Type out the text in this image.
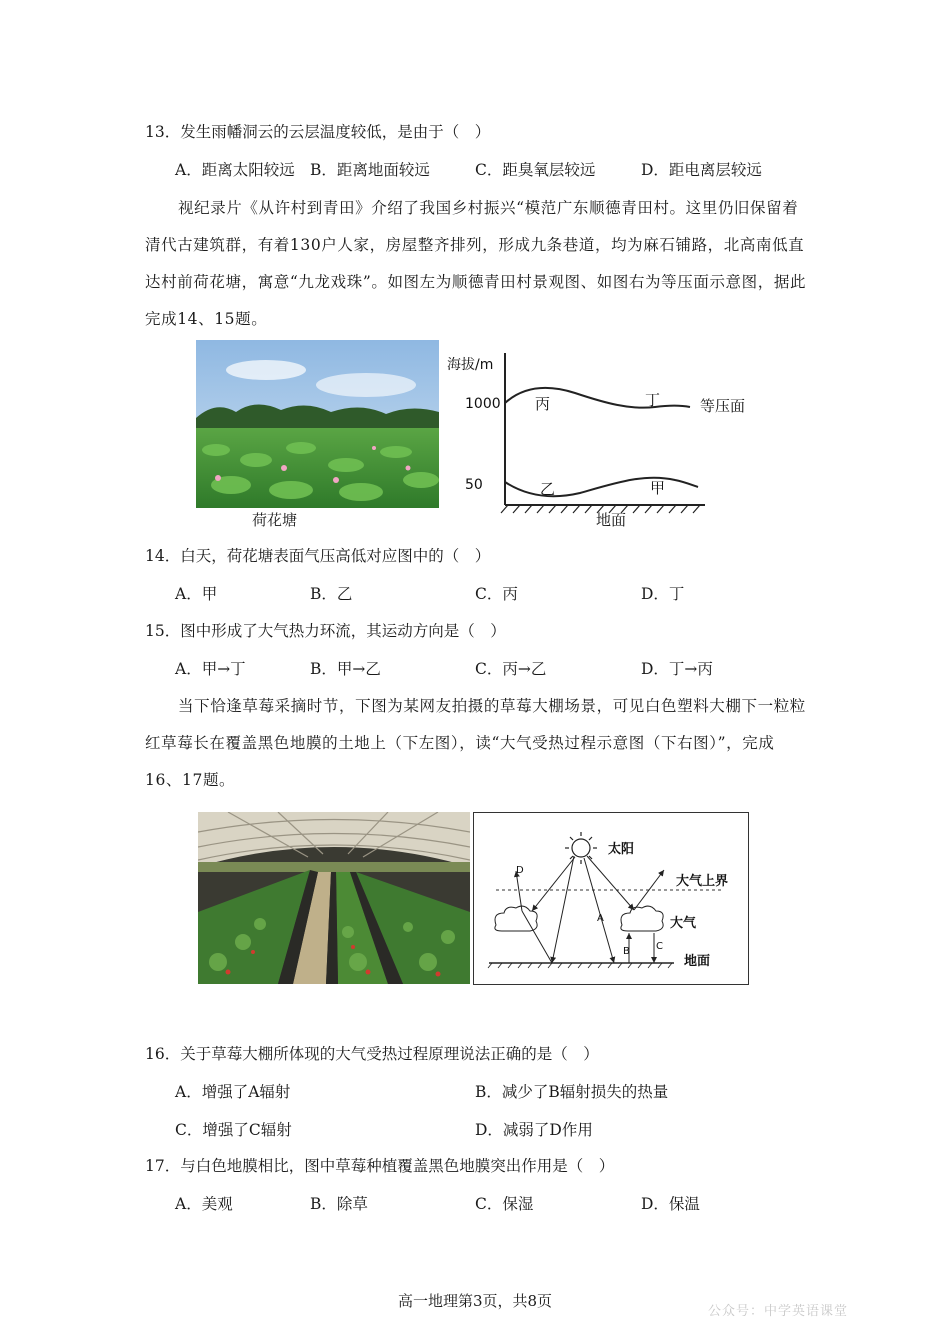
13．发生雨幡洞云的云层温度较低，是由于（　）
A．距离太阳较远 B．距离地面较远	C．距臭氧层较远	D．距电离层较远
视纪录片《从许村到青田》介绍了我国乡村振兴“模范广东顺德青田村。这里仍旧保留着清代古建筑群，有着130户人家，房屋整齐排列，形成九条巷道，均为麻石铺路，北高南低直达村前荷花塘，寓意“九龙戏珠”。如图左为顺德青田村景观图、如图右为等压面示意图，据此完成14、15题。
荷花塘
海拔/m
1000
50
丙	丁	等压面
乙	甲
地面
14．白天，荷花塘表面气压高低对应图中的（　）
A．甲	B．乙	C．丙	D．丁
15．图中形成了大气热力环流，其运动方向是（　）
A．甲→丁	B．甲→乙	C．丙→乙	D．丁→丙
当下恰逢草莓采摘时节，下图为某网友拍摄的草莓大棚场景，可见白色塑料大棚下一粒粒红草莓长在覆盖黑色地膜的土地上（下左图），读“大气受热过程示意图（下右图）”，完成16、17题。
D
A
B	C
太阳
大气上界
大气
地面
16．关于草莓大棚所体现的大气受热过程原理说法正确的是（　）
A．增强了A辐射	B．减少了B辐射损失的热量
C．增强了C辐射	D．减弱了D作用
17．与白色地膜相比，图中草莓种植覆盖黑色地膜突出作用是（　）
A．美观	B．除草	C．保湿	D．保温
高一地理第3页，共8页
公众号：中学英语课堂
